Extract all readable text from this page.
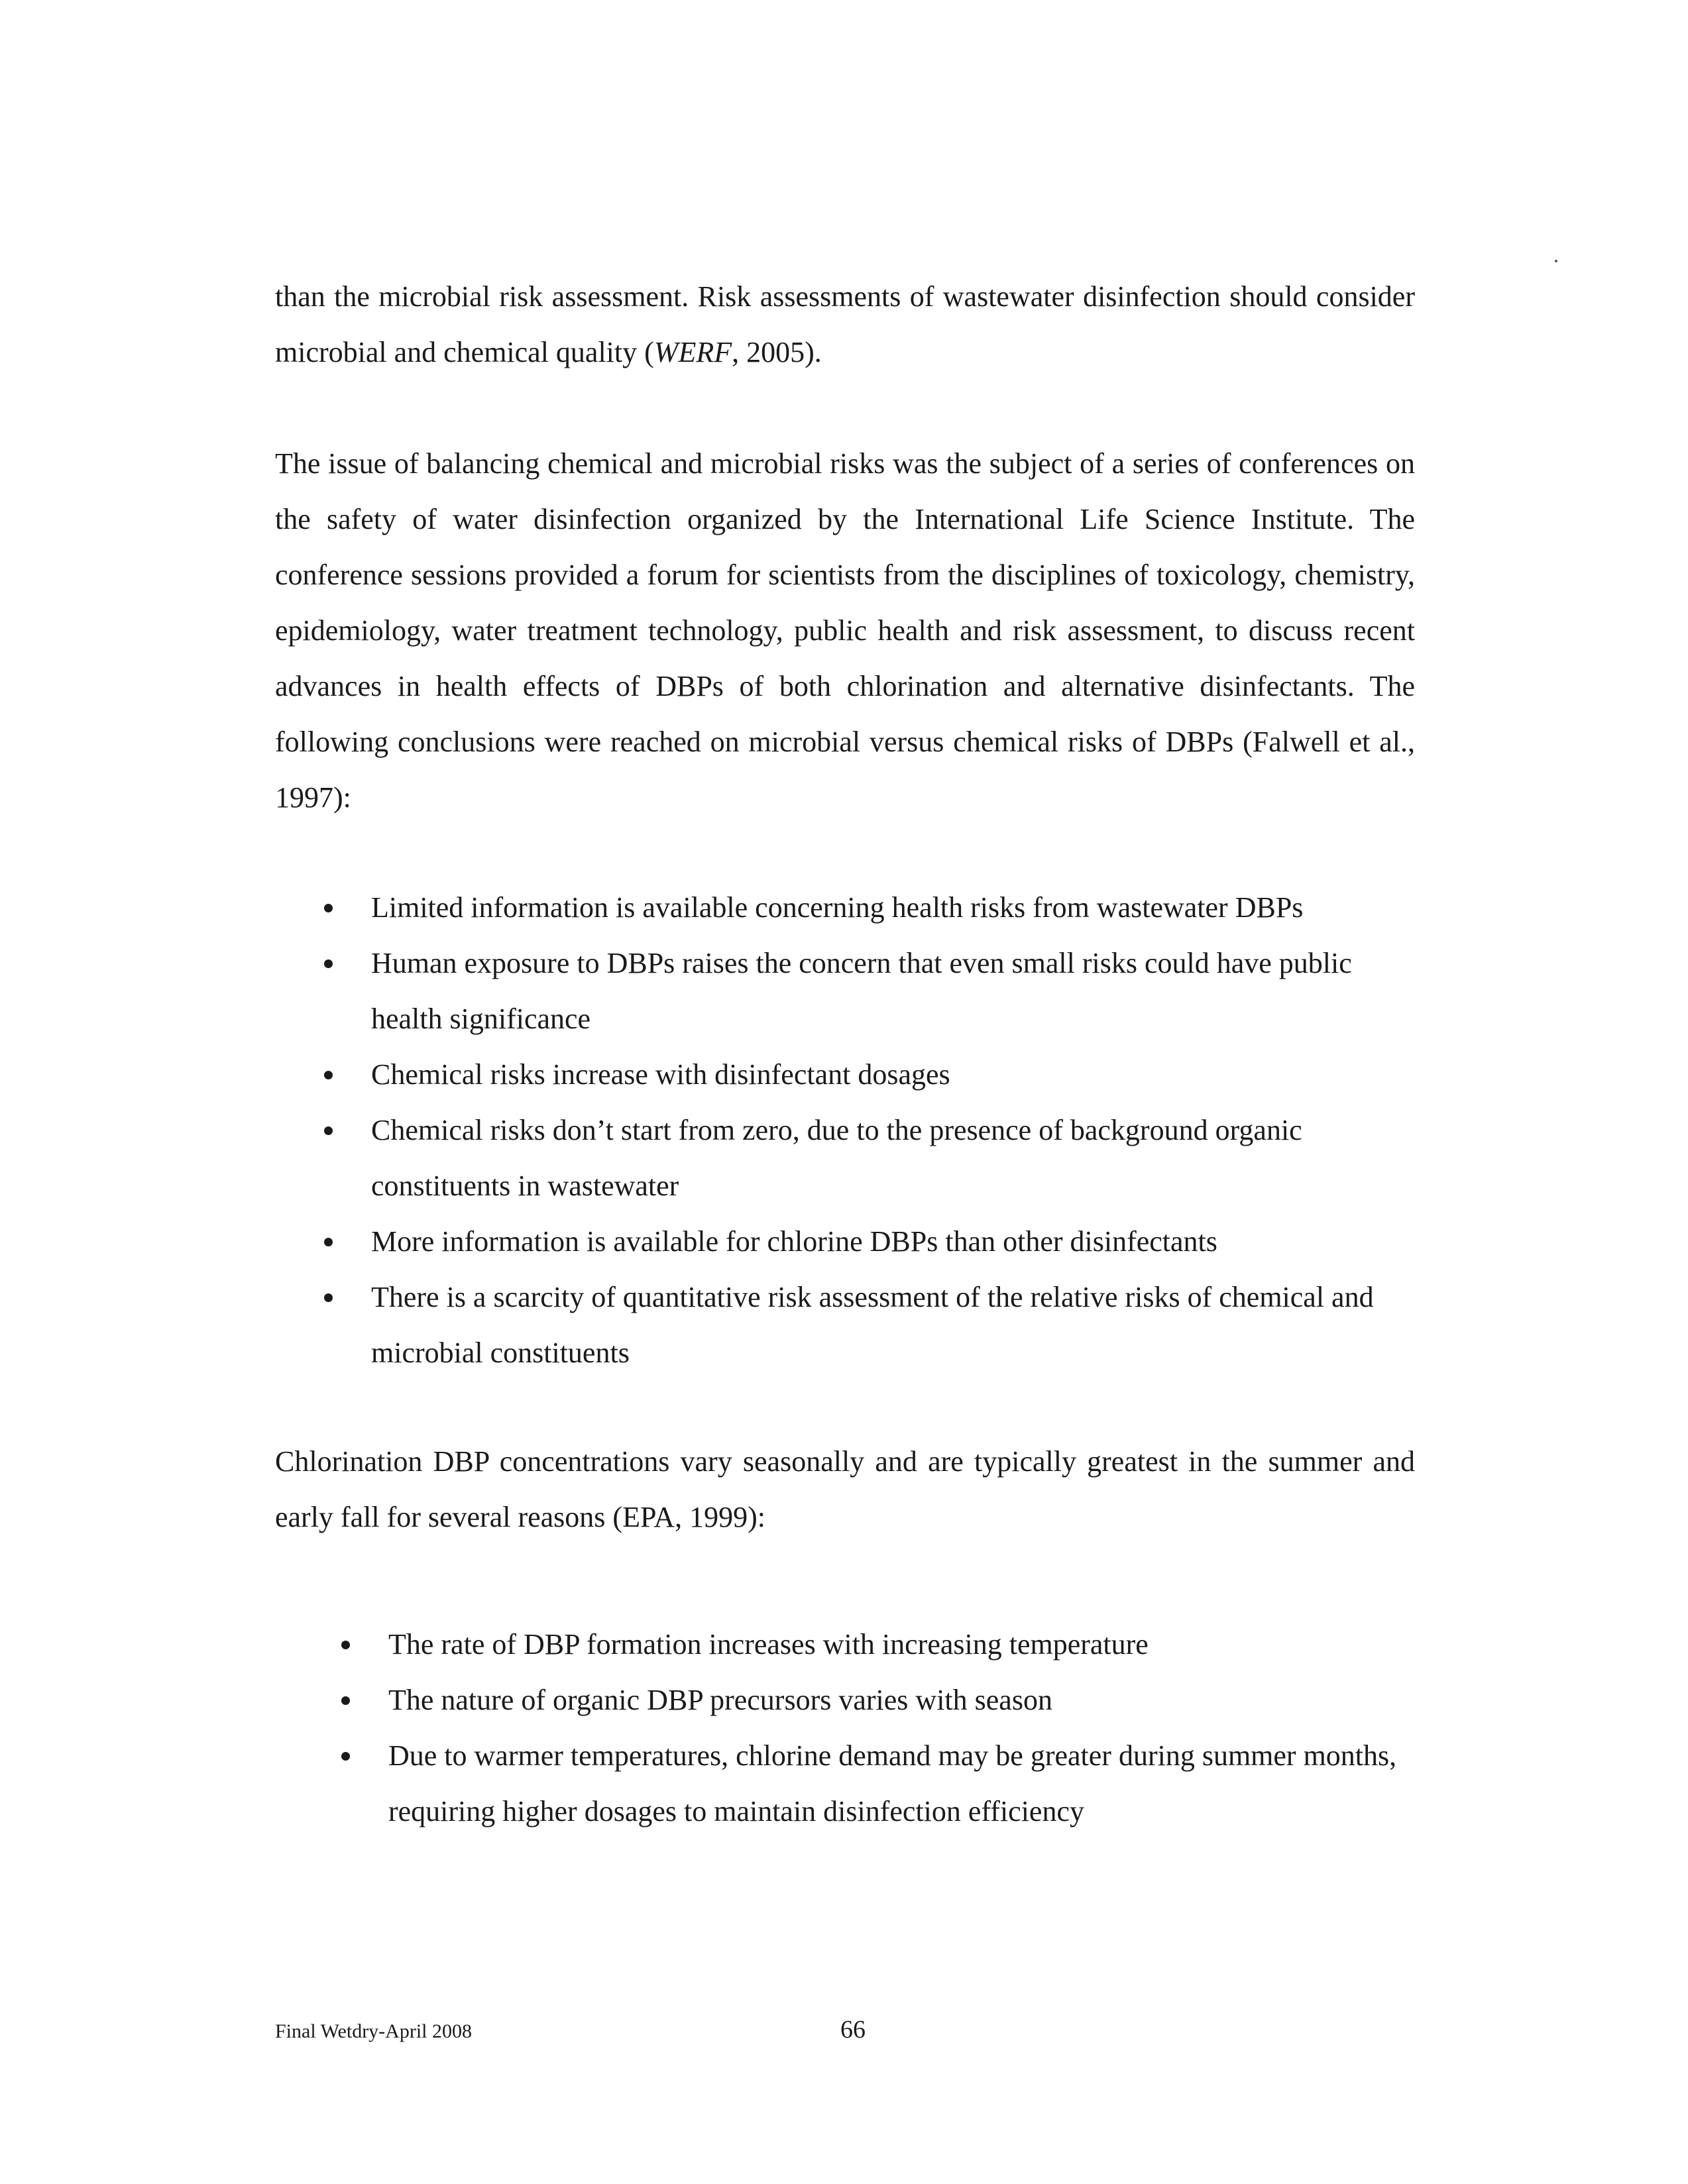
than the microbial risk assessment. Risk assessments of wastewater disinfection should consider microbial and chemical quality (WERF, 2005).

The issue of balancing chemical and microbial risks was the subject of a series of conferences on the safety of water disinfection organized by the International Life Science Institute. The conference sessions provided a forum for scientists from the disciplines of toxicology, chemistry, epidemiology, water treatment technology, public health and risk assessment, to discuss recent advances in health effects of DBPs of both chlorination and alternative disinfectants. The following conclusions were reached on microbial versus chemical risks of DBPs (Falwell et al., 1997):

Limited information is available concerning health risks from wastewater DBPs
Human exposure to DBPs raises the concern that even small risks could have public health significance
Chemical risks increase with disinfectant dosages
Chemical risks don’t start from zero, due to the presence of background organic constituents in wastewater
More information is available for chlorine DBPs than other disinfectants
There is a scarcity of quantitative risk assessment of the relative risks of chemical and microbial constituents

Chlorination DBP concentrations vary seasonally and are typically greatest in the summer and early fall for several reasons (EPA, 1999):

The rate of DBP formation increases with increasing temperature
The nature of organic DBP precursors varies with season
Due to warmer temperatures, chlorine demand may be greater during summer months, requiring higher dosages to maintain disinfection efficiency
Final Wetdry-April 2008	66
